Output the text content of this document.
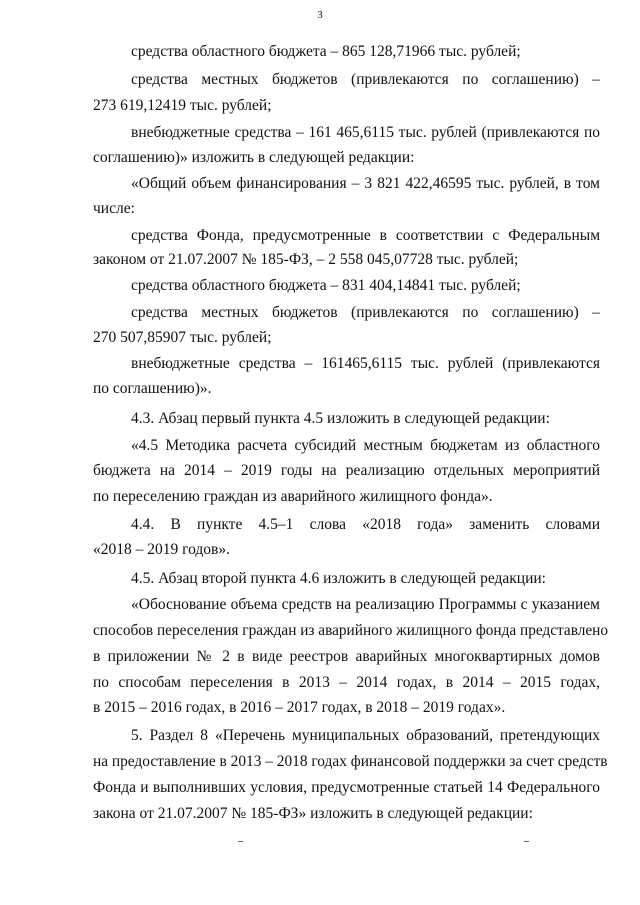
3
средства областного бюджета – 865 128,71966 тыс. рублей;
средства местных бюджетов (привлекаются по соглашению) –
273 619,12419 тыс. рублей;
внебюджетные средства – 161 465,6115 тыс. рублей (привлекаются по
соглашению)» изложить в следующей редакции:
«Общий объем финансирования – 3 821 422,46595 тыс. рублей, в том
числе:
средства Фонда, предусмотренные в соответствии с Федеральным
законом от 21.07.2007 № 185-ФЗ, – 2 558 045,07728 тыс. рублей;
средства областного бюджета – 831 404,14841 тыс. рублей;
средства местных бюджетов (привлекаются по соглашению) –
270 507,85907 тыс. рублей;
внебюджетные средства – 161465,6115 тыс. рублей (привлекаются
по соглашению)».
4.3. Абзац первый пункта 4.5 изложить в следующей редакции:
«4.5 Методика расчета субсидий местным бюджетам из областного
бюджета на 2014 – 2019 годы на реализацию отдельных мероприятий
по переселению граждан из аварийного жилищного фонда».
4.4. В пункте 4.5–1 слова «2018 года» заменить словами
«2018 – 2019 годов».
4.5. Абзац второй пункта 4.6 изложить в следующей редакции:
«Обоснование объема средств на реализацию Программы с указанием
способов переселения граждан из аварийного жилищного фонда представлено
в приложении № 2 в виде реестров аварийных многоквартирных домов
по способам переселения в 2013 – 2014 годах, в 2014 – 2015 годах,
в 2015 – 2016 годах, в 2016 – 2017 годах, в 2018 – 2019 годах».
5. Раздел 8 «Перечень муниципальных образований, претендующих
на предоставление в 2013 – 2018 годах финансовой поддержки за счет средств
Фонда и выполнивших условия, предусмотренные статьей 14 Федерального
закона от 21.07.2007 № 185-ФЗ» изложить в следующей редакции:
